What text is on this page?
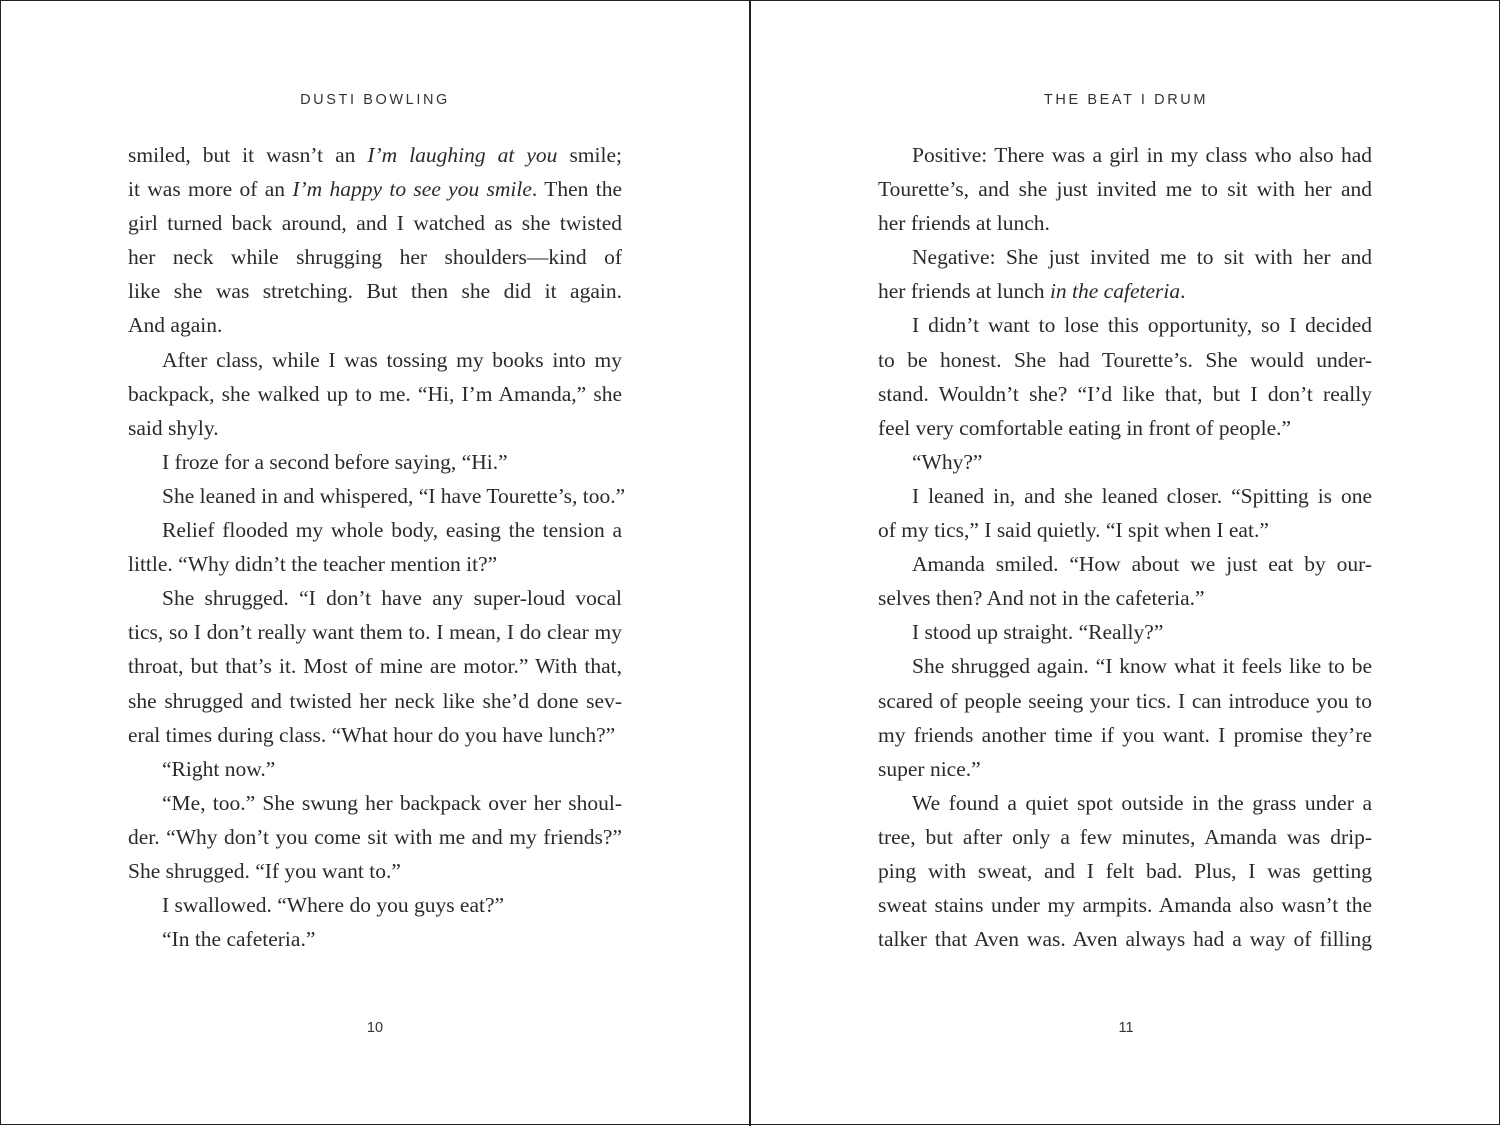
DUSTI BOWLING
smiled, but it wasn’t an I’m laughing at you smile;
it was more of an I’m happy to see you smile. Then the
girl turned back around, and I watched as she twisted
her neck while shrugging her shoulders—kind of
like she was stretching. But then she did it again.
And again.
After class, while I was tossing my books into my
backpack, she walked up to me. “Hi, I’m Amanda,” she
said shyly.
I froze for a second before saying, “Hi.”
She leaned in and whispered, “I have Tourette’s, too.”
Relief flooded my whole body, easing the tension a
little. “Why didn’t the teacher mention it?”
She shrugged. “I don’t have any super-loud vocal
tics, so I don’t really want them to. I mean, I do clear my
throat, but that’s it. Most of mine are motor.” With that,
she shrugged and twisted her neck like she’d done sev-
eral times during class. “What hour do you have lunch?”
“Right now.”
“Me, too.” She swung her backpack over her shoul-
der. “Why don’t you come sit with me and my friends?”
She shrugged. “If you want to.”
I swallowed. “Where do you guys eat?”
“In the cafeteria.”
10
THE BEAT I DRUM
Positive: There was a girl in my class who also had
Tourette’s, and she just invited me to sit with her and
her friends at lunch.
Negative: She just invited me to sit with her and
her friends at lunch in the cafeteria.
I didn’t want to lose this opportunity, so I decided
to be honest. She had Tourette’s. She would under-
stand. Wouldn’t she? “I’d like that, but I don’t really
feel very comfortable eating in front of people.”
“Why?”
I leaned in, and she leaned closer. “Spitting is one
of my tics,” I said quietly. “I spit when I eat.”
Amanda smiled. “How about we just eat by our-
selves then? And not in the cafeteria.”
I stood up straight. “Really?”
She shrugged again. “I know what it feels like to be
scared of people seeing your tics. I can introduce you to
my friends another time if you want. I promise they’re
super nice.”
We found a quiet spot outside in the grass under a
tree, but after only a few minutes, Amanda was drip-
ping with sweat, and I felt bad. Plus, I was getting
sweat stains under my armpits. Amanda also wasn’t the
talker that Aven was. Aven always had a way of filling
11
